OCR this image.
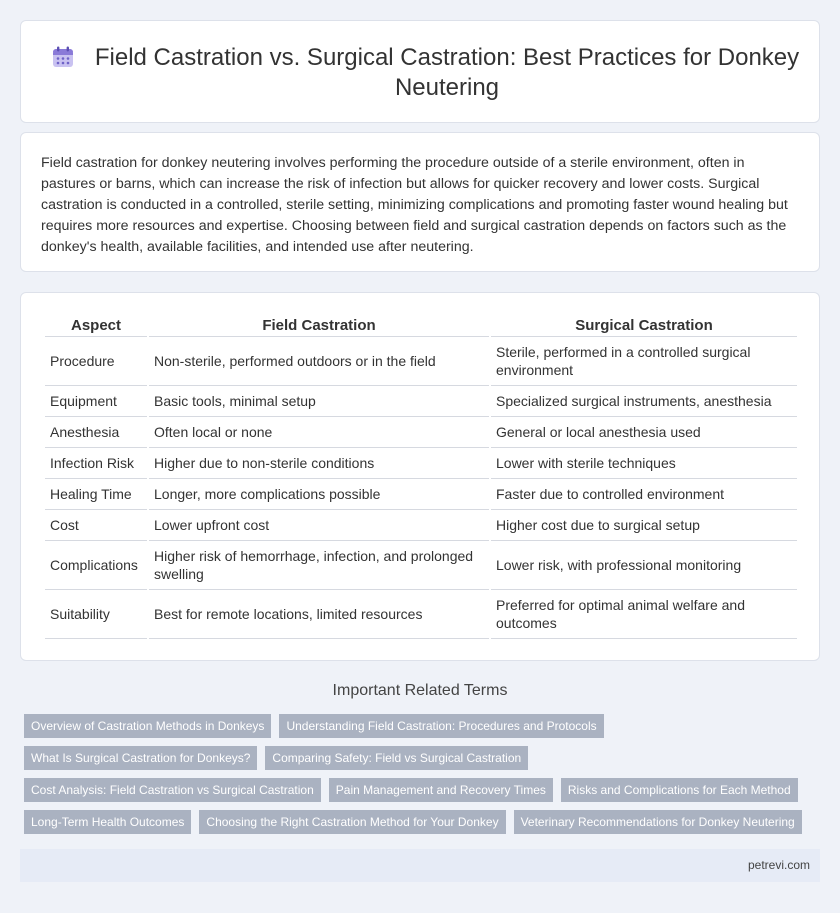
Field Castration vs. Surgical Castration: Best Practices for Donkey Neutering

Field castration for donkey neutering involves performing the procedure outside of a sterile environment, often in pastures or barns, which can increase the risk of infection but allows for quicker recovery and lower costs. Surgical castration is conducted in a controlled, sterile setting, minimizing complications and promoting faster wound healing but requires more resources and expertise. Choosing between field and surgical castration depends on factors such as the donkey's health, available facilities, and intended use after neutering.

Aspect	Field Castration	Surgical Castration
Procedure	Non-sterile, performed outdoors or in the field	Sterile, performed in a controlled surgical environment
Equipment	Basic tools, minimal setup	Specialized surgical instruments, anesthesia
Anesthesia	Often local or none	General or local anesthesia used
Infection Risk	Higher due to non-sterile conditions	Lower with sterile techniques
Healing Time	Longer, more complications possible	Faster due to controlled environment
Cost	Lower upfront cost	Higher cost due to surgical setup
Complications	Higher risk of hemorrhage, infection, and prolonged swelling	Lower risk, with professional monitoring
Suitability	Best for remote locations, limited resources	Preferred for optimal animal welfare and outcomes
Important Related Terms
Overview of Castration Methods in Donkeys	Understanding Field Castration: Procedures and Protocols
What Is Surgical Castration for Donkeys?	Comparing Safety: Field vs Surgical Castration
Cost Analysis: Field Castration vs Surgical Castration	Pain Management and Recovery Times	Risks and Complications for Each Method
Long-Term Health Outcomes	Choosing the Right Castration Method for Your Donkey	Veterinary Recommendations for Donkey Neutering
petrevi.com
